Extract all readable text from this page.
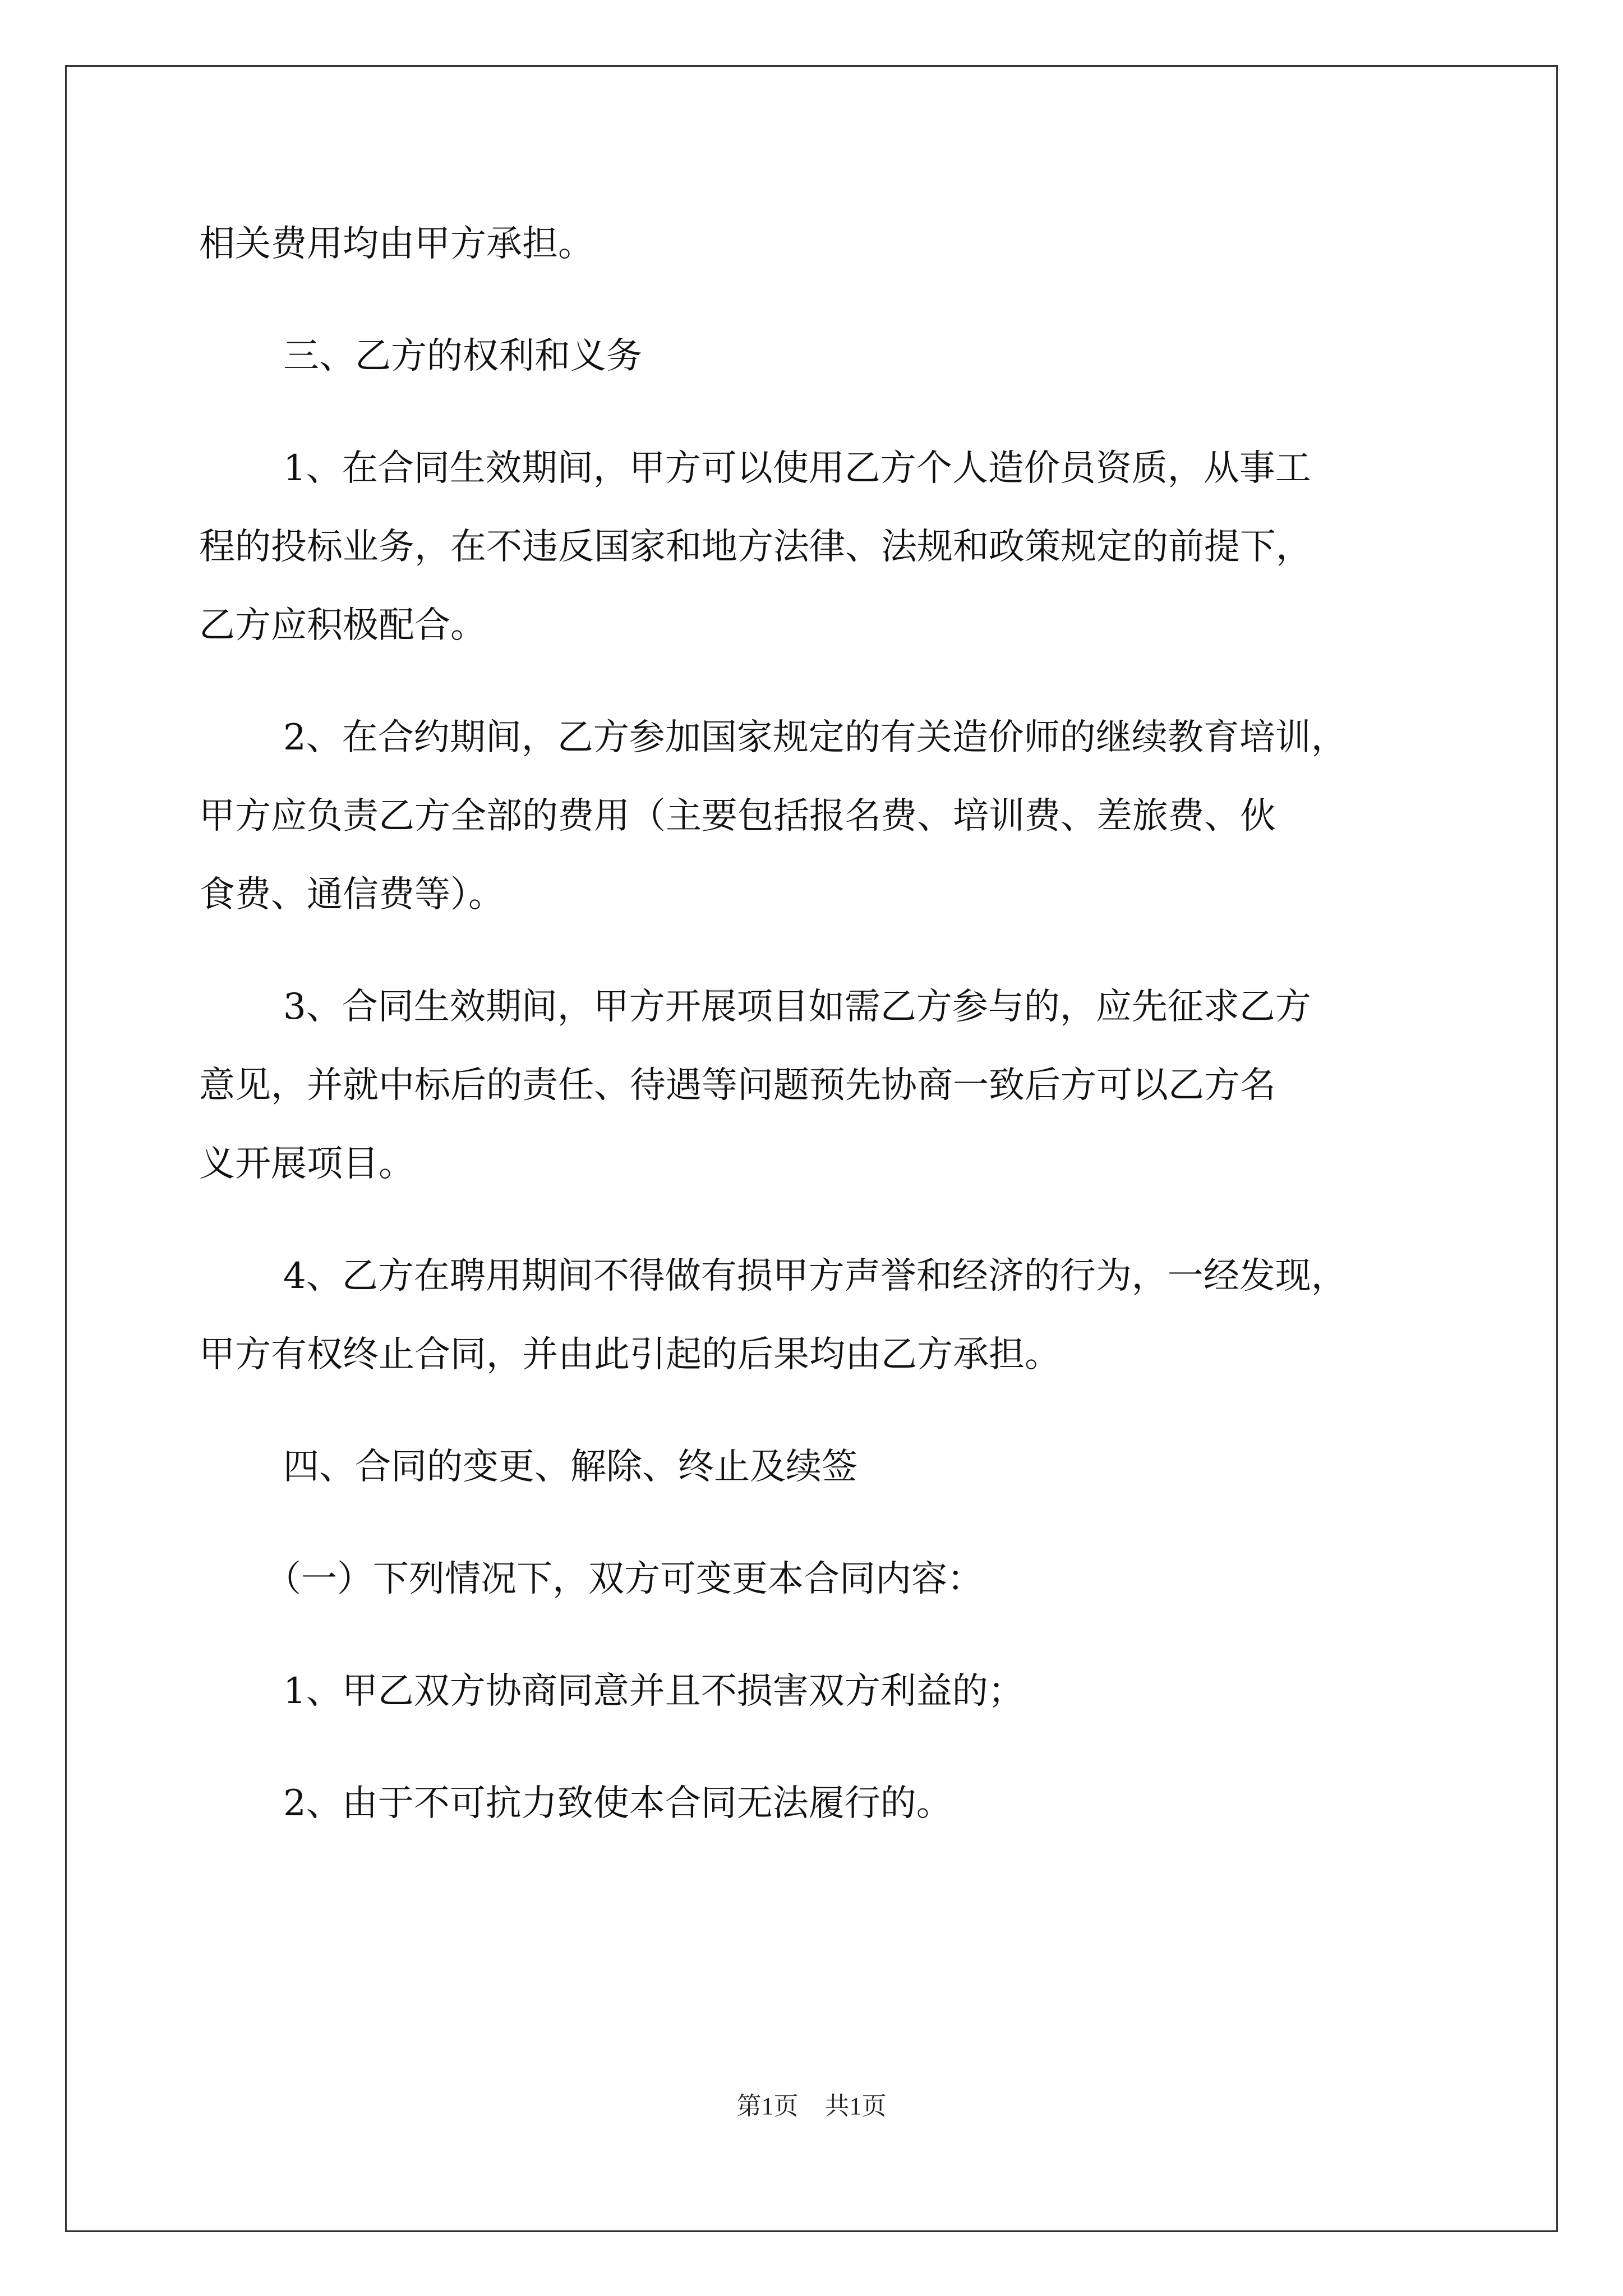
相关费用均由甲方承担。

三、乙方的权利和义务

1、在合同生效期间，甲方可以使用乙方个人造价员资质，从事工

程的投标业务，在不违反国家和地方法律、法规和政策规定的前提下，

乙方应积极配合。

2、在合约期间，乙方参加国家规定的有关造价师的继续教育培训，

甲方应负责乙方全部的费用（主要包括报名费、培训费、差旅费、伙

食费、通信费等）。

3、合同生效期间，甲方开展项目如需乙方参与的，应先征求乙方

意见，并就中标后的责任、待遇等问题预先协商一致后方可以乙方名

义开展项目。

4、乙方在聘用期间不得做有损甲方声誉和经济的行为，一经发现，

甲方有权终止合同，并由此引起的后果均由乙方承担。

四、合同的变更、解除、终止及续签

（一）下列情况下，双方可变更本合同内容：

1、甲乙双方协商同意并且不损害双方利益的；

2、由于不可抗力致使本合同无法履行的。

第1页 共1页
